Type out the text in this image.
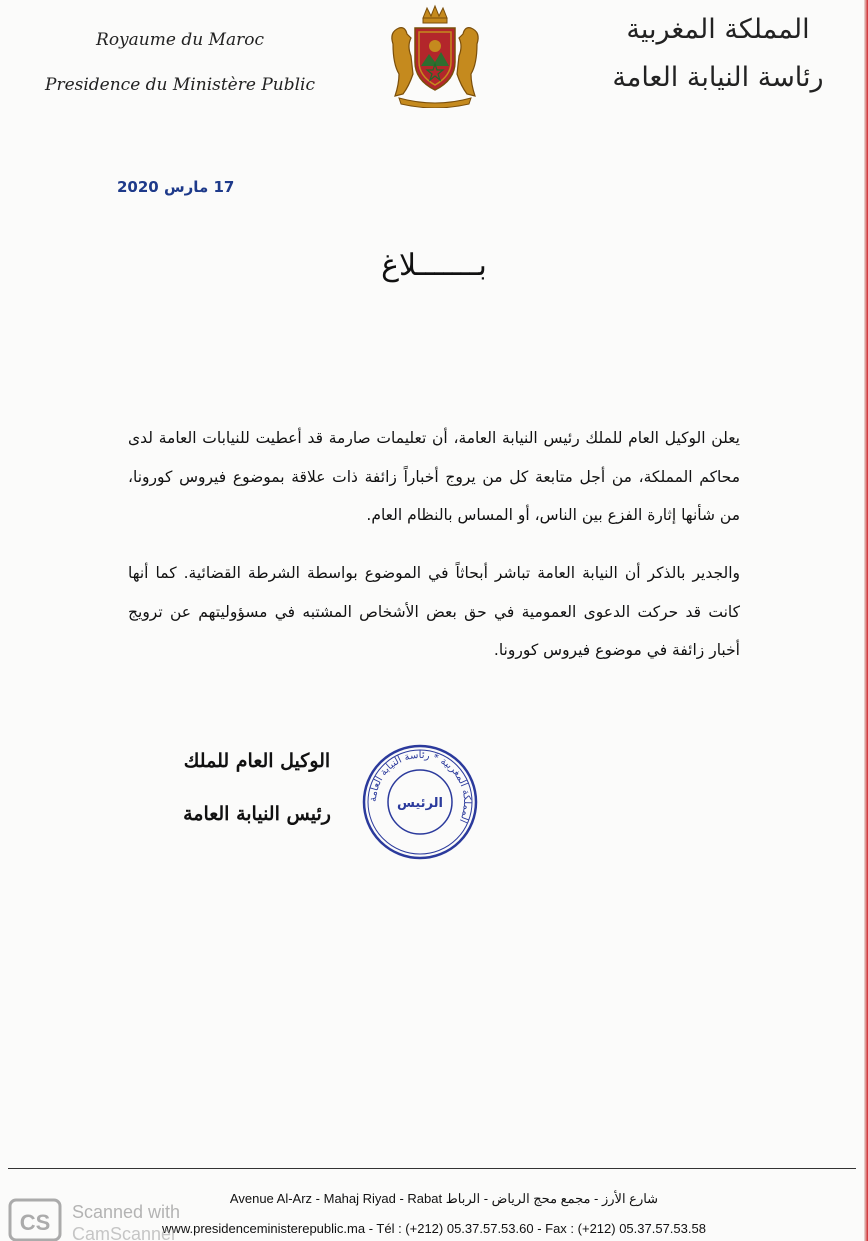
Royaume du Maroc
Presidence du Ministère Public
المملكة المغربية
رئاسة النيابة العامة
17 مارس 2020
بـــــــلاغ
يعلن الوكيل العام للملك رئيس النيابة العامة، أن تعليمات صارمة قد أعطيت للنيابات العامة لدى محاكم المملكة، من أجل متابعة كل من يروج أخباراً زائفة ذات علاقة بموضوع فيروس كورونا، من شأنها إثارة الفزع بين الناس، أو المساس بالنظام العام.
والجدير بالذكر أن النيابة العامة تباشر أبحاثاً في الموضوع بواسطة الشرطة القضائية. كما أنها كانت قد حركت الدعوى العمومية في حق بعض الأشخاص المشتبه في مسؤوليتهم عن ترويج أخبار زائفة في موضوع فيروس كورونا.
الوكيل العام للملك
رئيس النيابة العامة
المملكة المغربية * رئاسة النيابة العامة
الرئيس
Avenue Al-Arz - Mahaj Riyad - Rabat شارع الأرز - مجمع محج الرياض - الرباط
www.presidenceministerepublic.ma - Tél : (+212) 05.37.57.53.60 - Fax : (+212) 05.37.57.53.58
CS Scanned with
CamScanner
